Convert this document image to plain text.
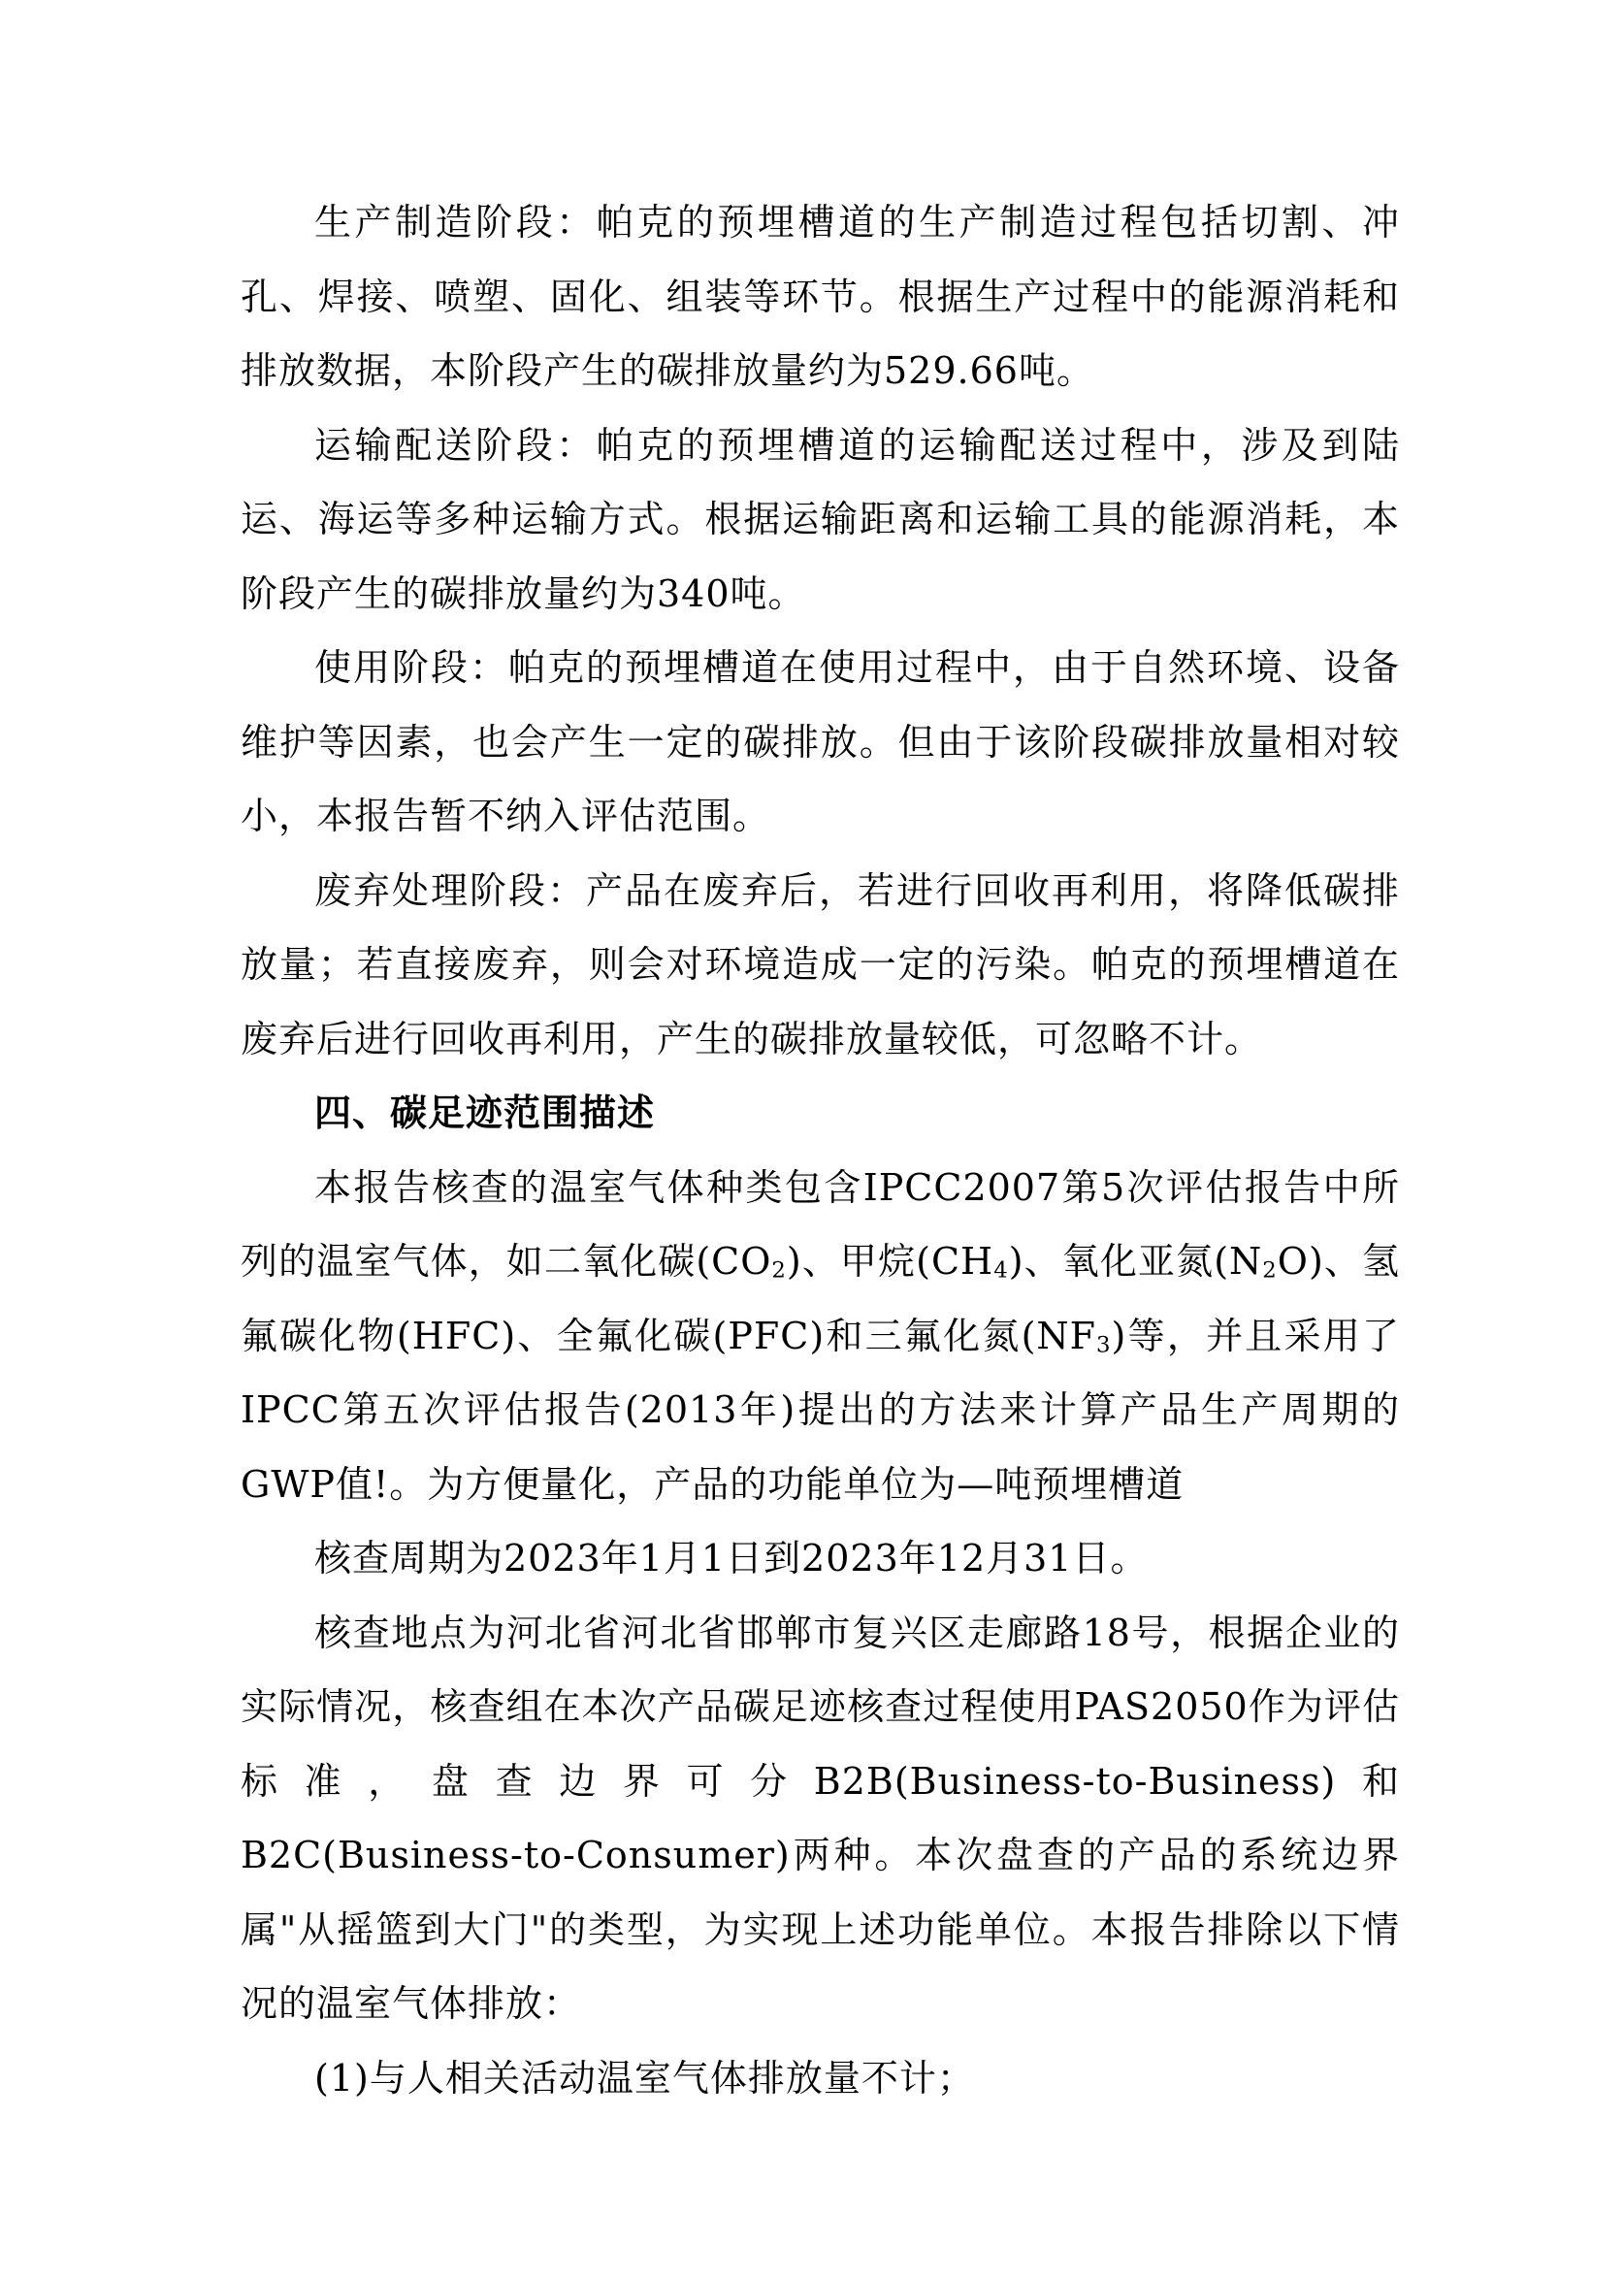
生产制造阶段：帕克的预埋槽道的生产制造过程包括切割、冲孔、焊接、喷塑、固化、组装等环节。根据生产过程中的能源消耗和排放数据，本阶段产生的碳排放量约为529.66吨。

运输配送阶段：帕克的预埋槽道的运输配送过程中，涉及到陆运、海运等多种运输方式。根据运输距离和运输工具的能源消耗，本阶段产生的碳排放量约为340吨。

使用阶段：帕克的预埋槽道在使用过程中，由于自然环境、设备维护等因素，也会产生一定的碳排放。但由于该阶段碳排放量相对较小，本报告暂不纳入评估范围。

废弃处理阶段：产品在废弃后，若进行回收再利用，将降低碳排放量；若直接废弃，则会对环境造成一定的污染。帕克的预埋槽道在废弃后进行回收再利用，产生的碳排放量较低，可忽略不计。

四、碳足迹范围描述

本报告核查的温室气体种类包含IPCC2007第5次评估报告中所列的温室气体，如二氧化碳$(CO_2)$、甲烷$(CH_4)$、氧化亚氮$(N_2O)$、氢氟碳化物(HFC)、全氟化碳(PFC)和三氟化氮$(NF_3)$等，并且采用了IPCC第五次评估报告(2013年)提出的方法来计算产品生产周期的GWP值!。为方便量化，产品的功能单位为—吨预埋槽道

核查周期为2023年1月1日到2023年12月31日。

核查地点为河北省河北省邯郸市复兴区走廊路18号，根据企业的实际情况，核查组在本次产品碳足迹核查过程使用PAS2050作为评估标准，盘查边界可分B2B(Business-to-Business)和B2C(Business-to-Consumer)两种。本次盘查的产品的系统边界属"从摇篮到大门"的类型，为实现上述功能单位。本报告排除以下情况的温室气体排放：

(1)与人相关活动温室气体排放量不计；
